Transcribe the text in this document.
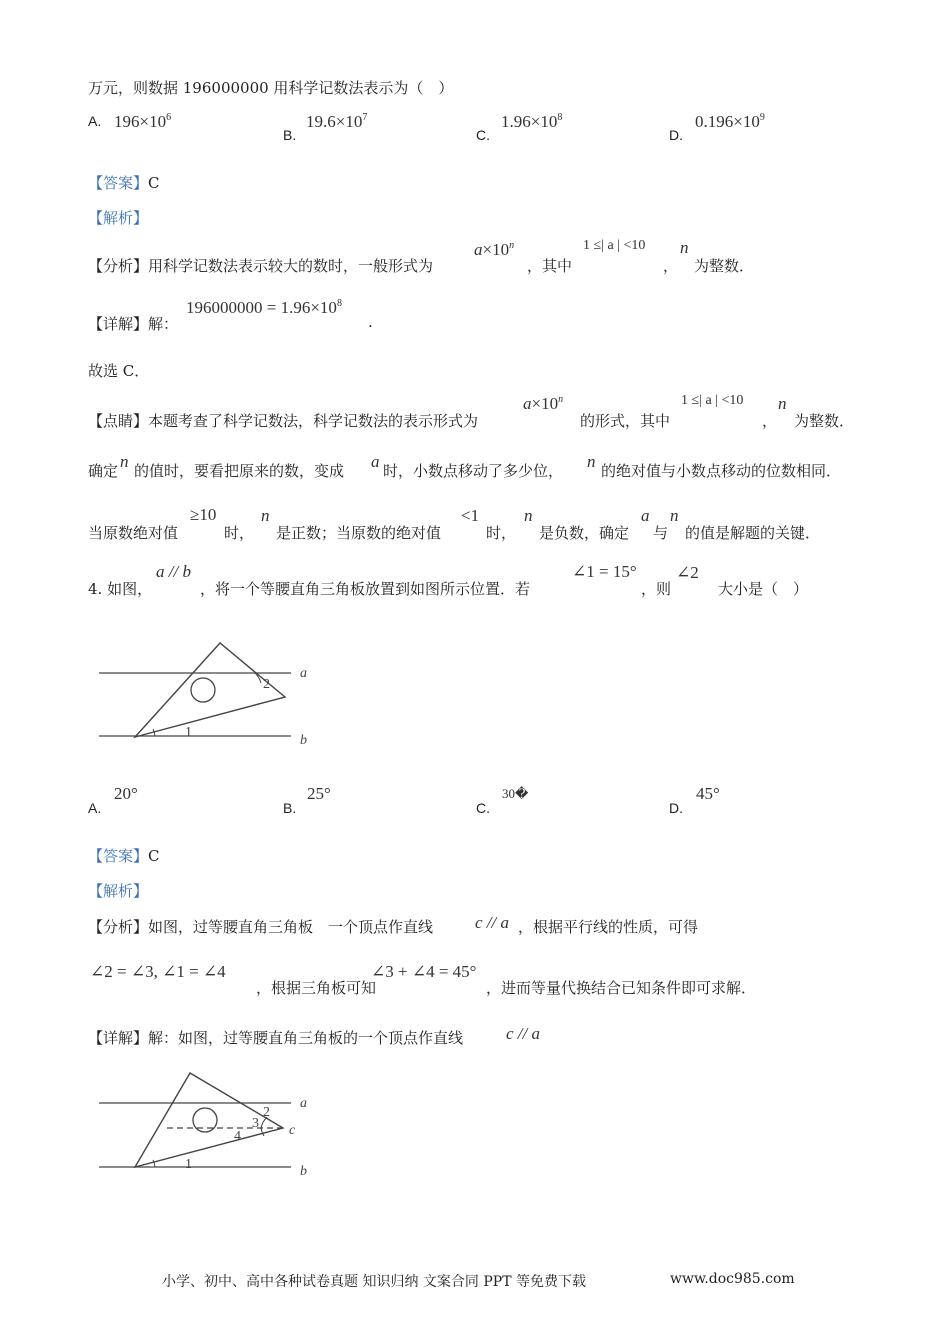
万元，则数据 196000000 用科学记数法表示为（　）
A. $196\times 10^6$
B.
$19.6\times 10^7$
C.
$1.96\times 10^8$
D.
$0.196\times 10^9$
【答案】C
【解析】
【分析】用科学记数法表示较大的数时，一般形式为
$a\times 10^n$
，其中
1 ≤| a | <10
，
n
为整数．
【详解】解：
$196000000 = 1.96\times 10^8$
.
故选 C．
【点睛】本题考查了科学记数法，科学记数法的表示形式为
$a\times 10^n$
的形式，其中
1 ≤| a | <10
，
n
为整数．
确定 n 的值时，要看把原来的数，变成 a 时，小数点移动了多少位， n 的绝对值与小数点移动的位数相同．
当原数绝对值
≥10
时，
n
是正数；当原数的绝对值
<1
时，
n
是负数，确定
a
与
n
的值是解题的关键．
4. 如图，
a // b
，将一个等腰直角三角板放置到如图所示位置．若
∠1 = 15°
，则
∠2
大小是（　）
a
b
1
2
A.
20°
B.
25°
C.
30�
D.
45°
【答案】C
【解析】
【分析】如图，过等腰直角三角板　一个顶点作直线 c // a ，根据平行线的性质，可得
∠2 = ∠3, ∠1 = ∠4
，根据三角板可知
∠3 + ∠4 = 45°
，进而等量代换结合已知条件即可求解．
【详解】解：如图，过等腰直角三角板的一个顶点作直线	c // a
a
b
c
1
2
3
4
小学、初中、高中各种试卷真题 知识归纳 文案合同 PPT 等免费下载	www.doc985.com
